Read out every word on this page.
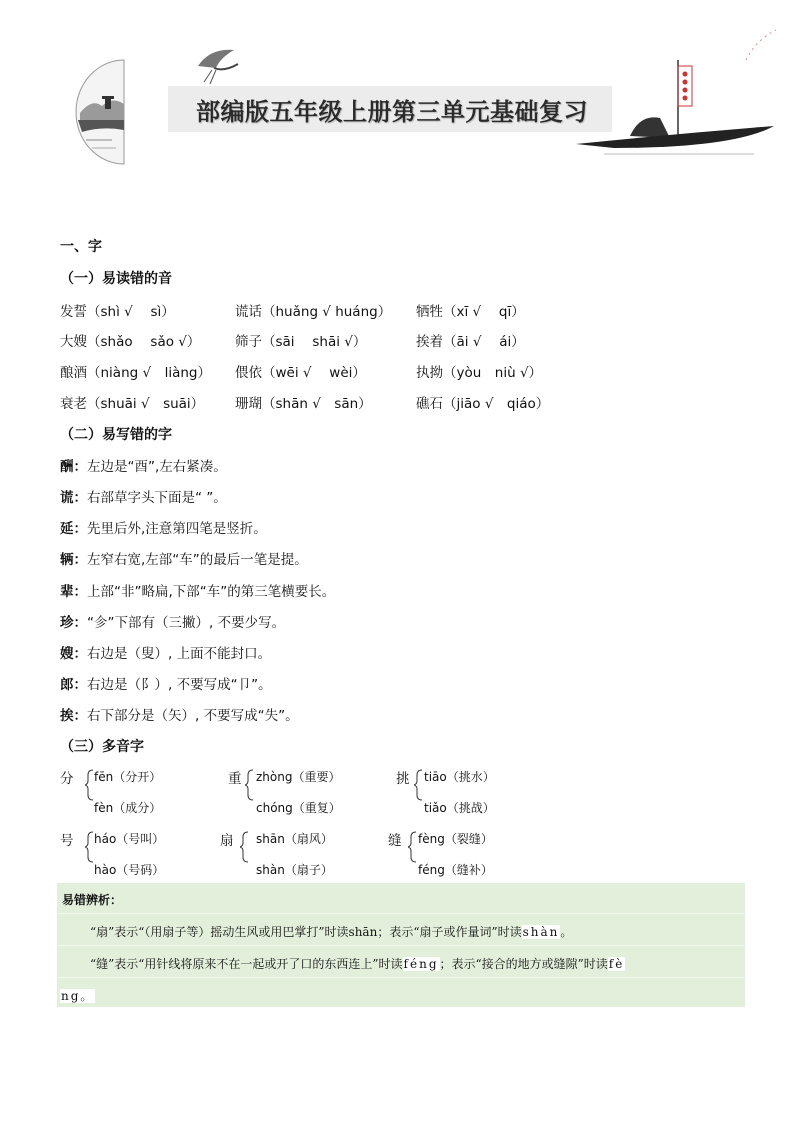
部编版五年级上册第三单元基础复习
一、字
（一）易读错的音
发誓（shì √　 sì）	谎话（huǎng √ huáng） 牺牲（xī √　 qī）
大嫂（shǎo　 sǎo √）	筛子（sāi　 shāi √）	挨着（āi √　 ái）
酿酒（niàng √　liàng） 偎依（wēi √　 wèi）	执拗（yòu　niù √）
衰老（shuāi √　suāi） 珊瑚（shān √　sān）	礁石（jiāo √　qiáo）
（二）易写错的字
酬：左边是“酉”,左右紧凑。
谎：右部草字头下面是“ ”。
延：先里后外,注意第四笔是竖折。
辆：左窄右宽,左部“车”的最后一笔是提。
辈：上部“非”略扁,下部“车”的第三笔横要长。
珍：“㐱”下部有（三撇）, 不要少写。
嫂：右边是（叟）, 上面不能封口。
郎：右边是（阝）, 不要写成“卩”。
挨：右下部分是（矢）, 不要写成“失”。
（三）多音字
分 fēn（分开）
fèn（成分）
重 zhòng（重要）
chóng（重复）
挑 tiāo（挑水）
tiǎo（挑战）
号 háo（号叫）
hào（号码）
扇 shān（扇风）
shàn（扇子）
缝 fèng（裂缝）
féng（缝补）
易错辨析：
“扇”表示“（用扇子等）摇动生风或用巴掌打”时读shān；表示“扇子或作量词”时读shàn。
“缝”表示“用针线将原来不在一起或开了口的东西连上”时读féng；表示“接合的地方或缝隙”时读fè
ng。
